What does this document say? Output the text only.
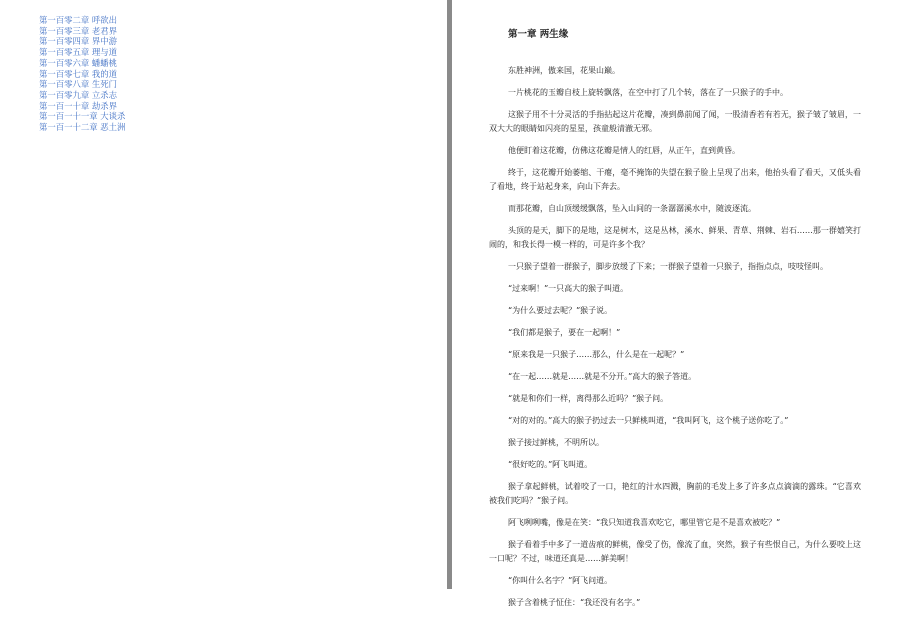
第一百零二章 呼欲出
第一百零三章 老君界
第一百零四章 界中游
第一百零五章 理与道
第一百零六章 蟠蟠桃
第一百零七章 我的道
第一百零八章 生死门
第一百零九章 立杀志
第一百一十章 劫杀界
第一百一十一章 大谈杀
第一百一十二章 恶土洲
第一章 两生缘

东胜神洲，傲来国，花果山巅。

一片桃花的玉瓣自枝上旋转飘落，在空中打了几个转，落在了一只猴子的手中。

这猴子用不十分灵活的手指拈起这片花瓣，凑到鼻前闻了闻，一股清香若有若无，猴子皱了皱眉，一双大大的眼睛如闪亮的星星，孩童般清澈无邪。

他便盯着这花瓣，仿佛这花瓣是情人的红唇，从正午，直到黄昏。

终于，这花瓣开始萎缩、干瘪，毫不掩饰的失望在猴子脸上呈现了出来，他抬头看了看天，又低头看了看地，终于站起身来，向山下奔去。

而那花瓣，自山顶缓缓飘落，坠入山间的一条潺潺溪水中，随波逐流。

头顶的是天，脚下的是地，这是树木，这是丛林，溪水、鲜果、青草、荆棘、岩石……那一群嬉笑打闹的，和我长得一模一样的，可是许多个我？

一只猴子望着一群猴子，脚步放缓了下来；一群猴子望着一只猴子，指指点点，吱吱怪叫。

“过来啊！”一只高大的猴子叫道。

“为什么要过去呢？”猴子说。

“我们都是猴子，要在一起啊！”

“原来我是一只猴子……那么，什么是在一起呢？”

“在一起……就是……就是不分开。”高大的猴子答道。

“就是和你们一样，离得那么近吗？”猴子问。

“对的对的。”高大的猴子扔过去一只鲜桃叫道，“我叫阿飞，这个桃子送你吃了。”

猴子接过鲜桃，不明所以。

“很好吃的。”阿飞叫道。

猴子拿起鲜桃，试着咬了一口，艳红的汁水四溅，胸前的毛发上多了许多点点滴滴的露珠。“它喜欢被我们吃吗？”猴子问。

阿飞咧咧嘴，像是在笑：“我只知道我喜欢吃它，哪里管它是不是喜欢被吃？”

猴子看着手中多了一道齿痕的鲜桃，像受了伤，像流了血，突然，猴子有些恨自己，为什么要咬上这一口呢？不过，味道还真是……鲜美啊！

“你叫什么名字？”阿飞问道。

猴子含着桃子怔住：“我还没有名字。”
